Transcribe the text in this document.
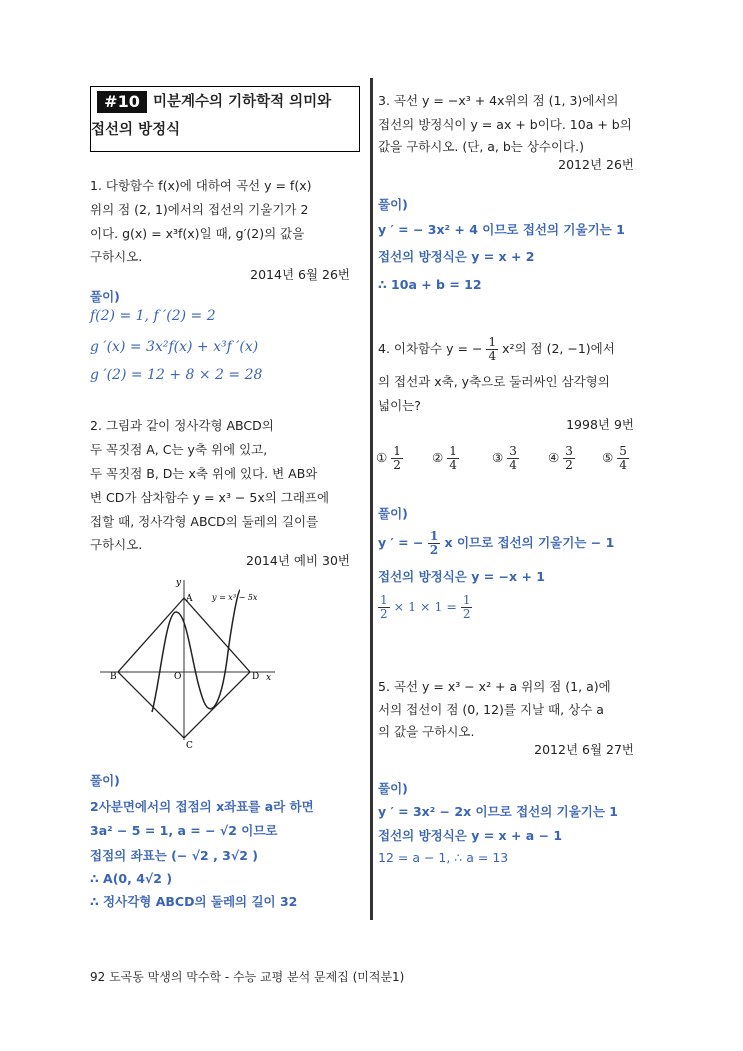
#10 미분계수의 기하학적 의미와
접선의 방정식
1. 다항함수 f(x)에 대하여 곡선 y = f(x)
위의 점 (2, 1)에서의 접선의 기울기가 2
이다. g(x) = x³f(x)일 때, g′(2)의 값을
구하시오.
2014년 6월 26번
풀이)
f(2) = 1, f ′(2) = 2
g ′(x) = 3x²f(x) + x³f ′(x)
g ′(2) = 12 + 8 × 2 = 28
2. 그림과 같이 정사각형 ABCD의
두 꼭짓점 A, C는 y축 위에 있고,
두 꼭짓점 B, D는 x축 위에 있다. 변 AB와
변 CD가 삼차함수 y = x³ − 5x의 그래프에
접할 때, 정사각형 ABCD의 둘레의 길이를
구하시오.
2014년 예비 30번
y
x
A
B
C
D
O
y = x³ − 5x
풀이)
2사분면에서의 접점의 x좌표를 a라 하면
3a² − 5 = 1, a = − √2 이므로
접점의 좌표는 (− √2 , 3√2 )
∴ A(0, 4√2 )
∴ 정사각형 ABCD의 둘레의 길이 32
3. 곡선 y = −x³ + 4x위의 점 (1, 3)에서의
접선의 방정식이 y = ax + b이다. 10a + b의
값을 구하시오. (단, a, b는 상수이다.)
2012년 26번
풀이)
y ′ = − 3x² + 4 이므로 접선의 기울기는 1
접선의 방정식은 y = x + 2
∴ 10a + b = 12
4. 이차함수 y = − $\frac{1}{4} x^2$의 점 (2, −1)에서
의 접선과 x축, y축으로 둘러싸인 삼각형의
넓이는?
1998년 9번
① $\frac{1}{2}$ ② $\frac{1}{4}$	③ $\frac{3}{4}$ ④ $\frac{3}{2}$ ⑤ $\frac{5}{4}$
풀이)
y ′ = − $\frac{1}{2}$ x 이므로 접선의 기울기는 − 1
접선의 방정식은 y = −x + 1
$\frac{1}{2} \times 1 \times 1 = \frac{1}{2}$
5. 곡선 y = x³ − x² + a 위의 점 (1, a)에
서의 접선이 점 (0, 12)를 지날 때, 상수 a
의 값을 구하시오.
2012년 6월 27번
풀이)
y ′ = 3x² − 2x 이므로 접선의 기울기는 1
접선의 방정식은 y = x + a − 1
12 = a − 1, ∴ a = 13
92 도곡동 막생의 막수학 - 수능 교평 분석 문제집 (미적분1)
